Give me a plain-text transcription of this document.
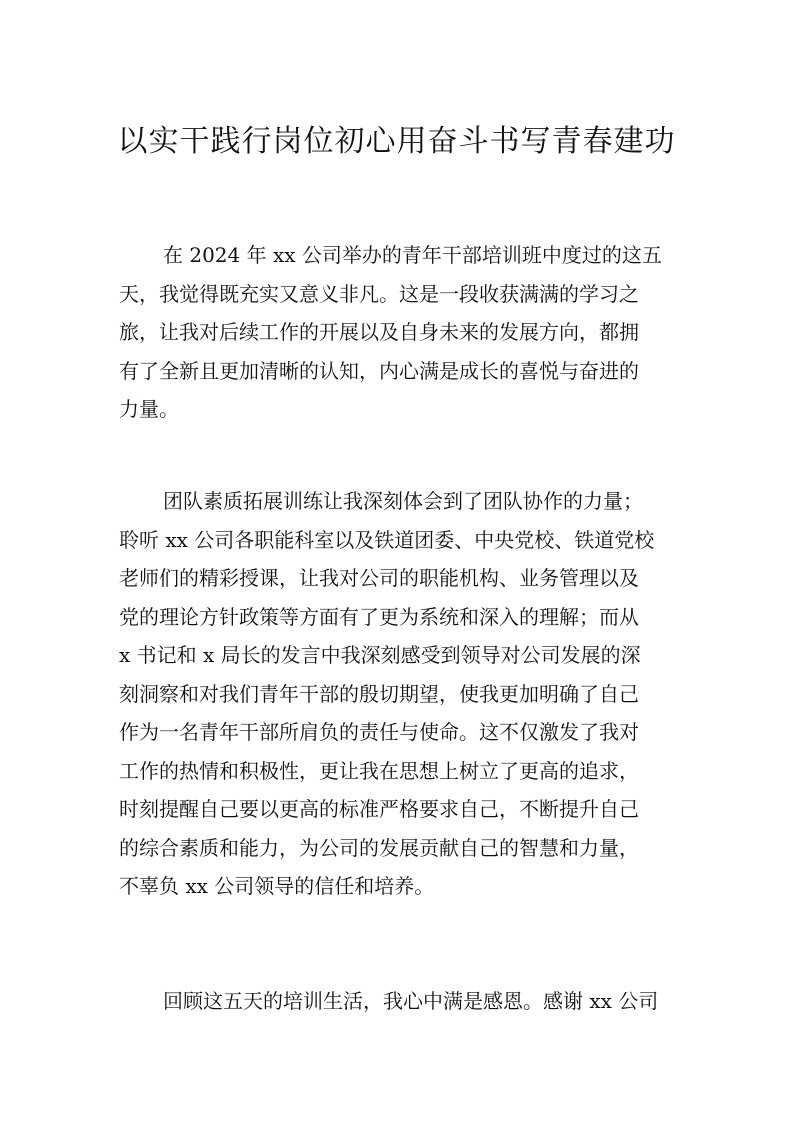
以实干践行岗位初心用奋斗书写青春建功
在 2024 年 xx 公司举办的青年干部培训班中度过的这五
天，我觉得既充实又意义非凡。这是一段收获满满的学习之
旅，让我对后续工作的开展以及自身未来的发展方向，都拥
有了全新且更加清晰的认知，内心满是成长的喜悦与奋进的
力量。
团队素质拓展训练让我深刻体会到了团队协作的力量；
聆听 xx 公司各职能科室以及铁道团委、中央党校、铁道党校
老师们的精彩授课，让我对公司的职能机构、业务管理以及
党的理论方针政策等方面有了更为系统和深入的理解；而从
x 书记和 x 局长的发言中我深刻感受到领导对公司发展的深
刻洞察和对我们青年干部的殷切期望，使我更加明确了自己
作为一名青年干部所肩负的责任与使命。这不仅激发了我对
工作的热情和积极性，更让我在思想上树立了更高的追求，
时刻提醒自己要以更高的标准严格要求自己，不断提升自己
的综合素质和能力，为公司的发展贡献自己的智慧和力量，
不辜负 xx 公司领导的信任和培养。
回顾这五天的培训生活，我心中满是感恩。感谢 xx 公司
